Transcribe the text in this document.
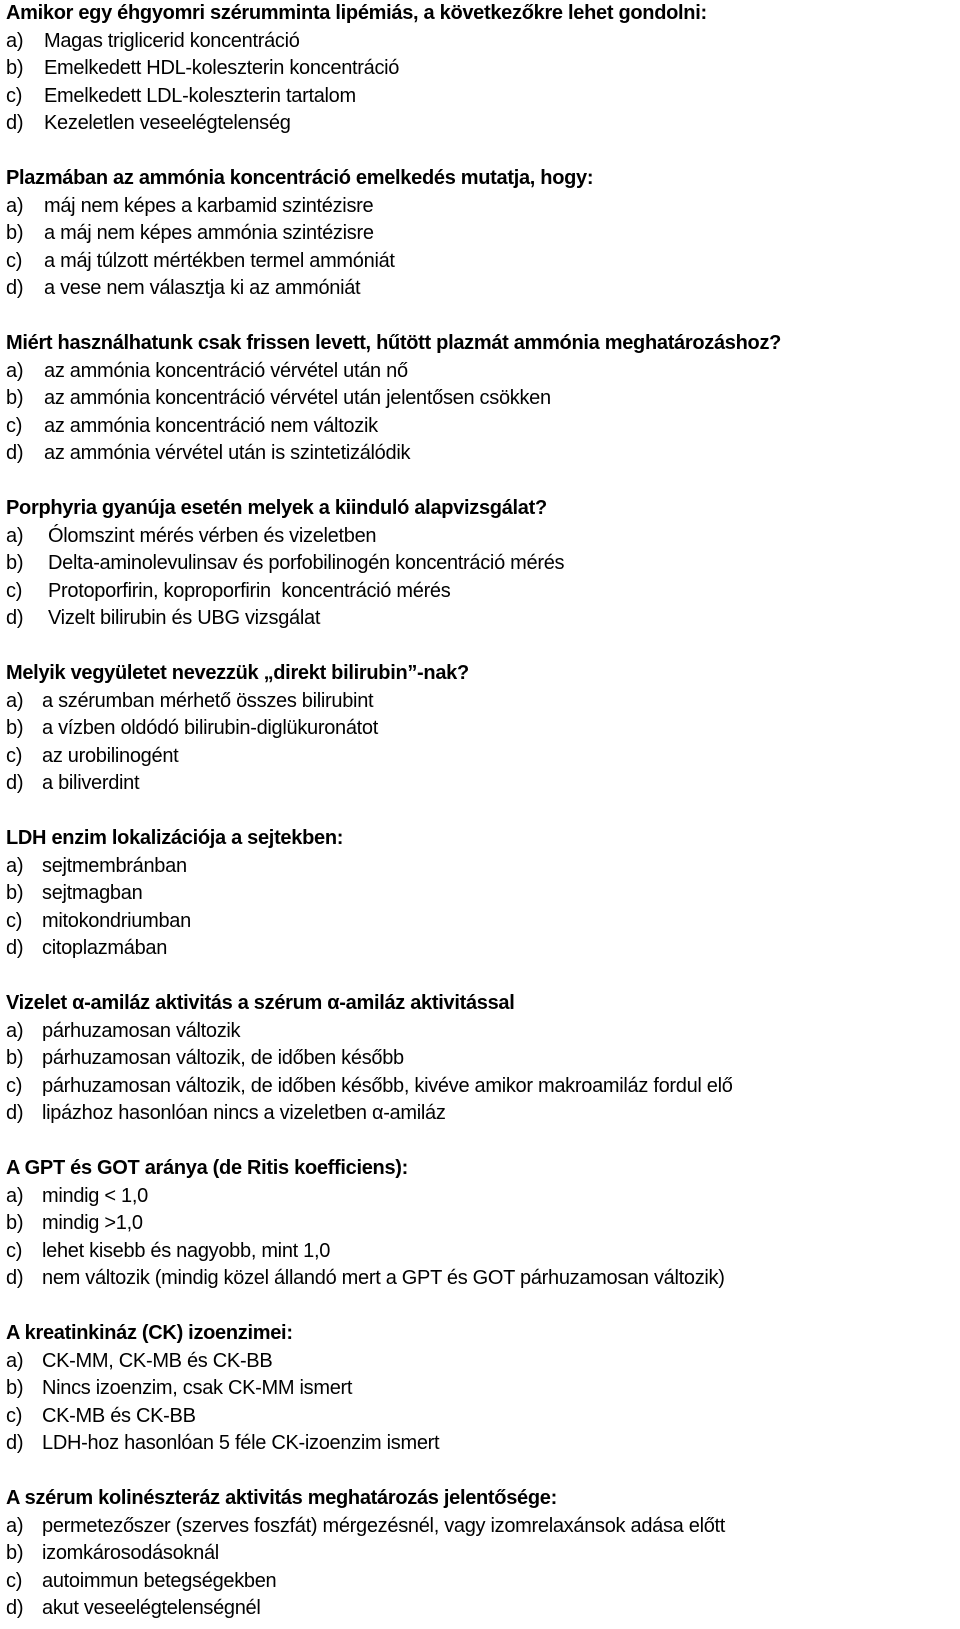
Amikor egy éhgyomri szérumminta lipémiás, a következőkre lehet gondolni:
a)	Magas triglicerid koncentráció
b)	Emelkedett HDL-koleszterin koncentráció
c)	Emelkedett LDL-koleszterin tartalom
d)	Kezeletlen veseelégtelenség
Plazmában az ammónia koncentráció emelkedés mutatja, hogy:
a)	máj nem képes a karbamid szintézisre
b)	a máj nem képes ammónia szintézisre
c)	a máj túlzott mértékben termel ammóniát
d)	a vese nem választja ki az ammóniát
Miért használhatunk csak frissen levett, hűtött plazmát ammónia meghatározáshoz?
a)	az ammónia koncentráció vérvétel után nő
b)	az ammónia koncentráció vérvétel után jelentősen csökken
c)	az ammónia koncentráció nem változik
d)	az ammónia vérvétel után is szintetizálódik
Porphyria gyanúja esetén melyek a kiinduló alapvizsgálat?
a)	Ólomszint mérés vérben és vizeletben
b)	Delta-aminolevulinsav és porfobilinogén koncentráció mérés
c)	Protoporfirin, koproporfirin  koncentráció mérés
d)	Vizelt bilirubin és UBG vizsgálat
Melyik vegyületet nevezzük „direkt bilirubin”-nak?
a) a szérumban mérhető összes bilirubint
b) a vízben oldódó bilirubin-diglükuronátot
c) az urobilinogént
d) a biliverdint
LDH enzim lokalizációja a sejtekben:
a) sejtmembránban
b) sejtmagban
c) mitokondriumban
d) citoplazmában
Vizelet α-amiláz aktivitás a szérum α-amiláz aktivitással
a) párhuzamosan változik
b) párhuzamosan változik, de időben később
c) párhuzamosan változik, de időben később, kivéve amikor makroamiláz fordul elő
d) lipázhoz hasonlóan nincs a vizeletben α-amiláz
A GPT és GOT aránya (de Ritis koefficiens):
a) mindig < 1,0
b) mindig >1,0
c) lehet kisebb és nagyobb, mint 1,0
d) nem változik (mindig közel állandó mert a GPT és GOT párhuzamosan változik)
A kreatinkináz (CK) izoenzimei:
a) CK-MM, CK-MB és CK-BB
b) Nincs izoenzim, csak CK-MM ismert
c) CK-MB és CK-BB
d) LDH-hoz hasonlóan 5 féle CK-izoenzim ismert
A szérum kolinészteráz aktivitás meghatározás jelentősége:
a) permetezőszer (szerves foszfát) mérgezésnél, vagy izomrelaxánsok adása előtt
b) izomkárosodásoknál
c) autoimmun betegségekben
d) akut veseelégtelenségnél
